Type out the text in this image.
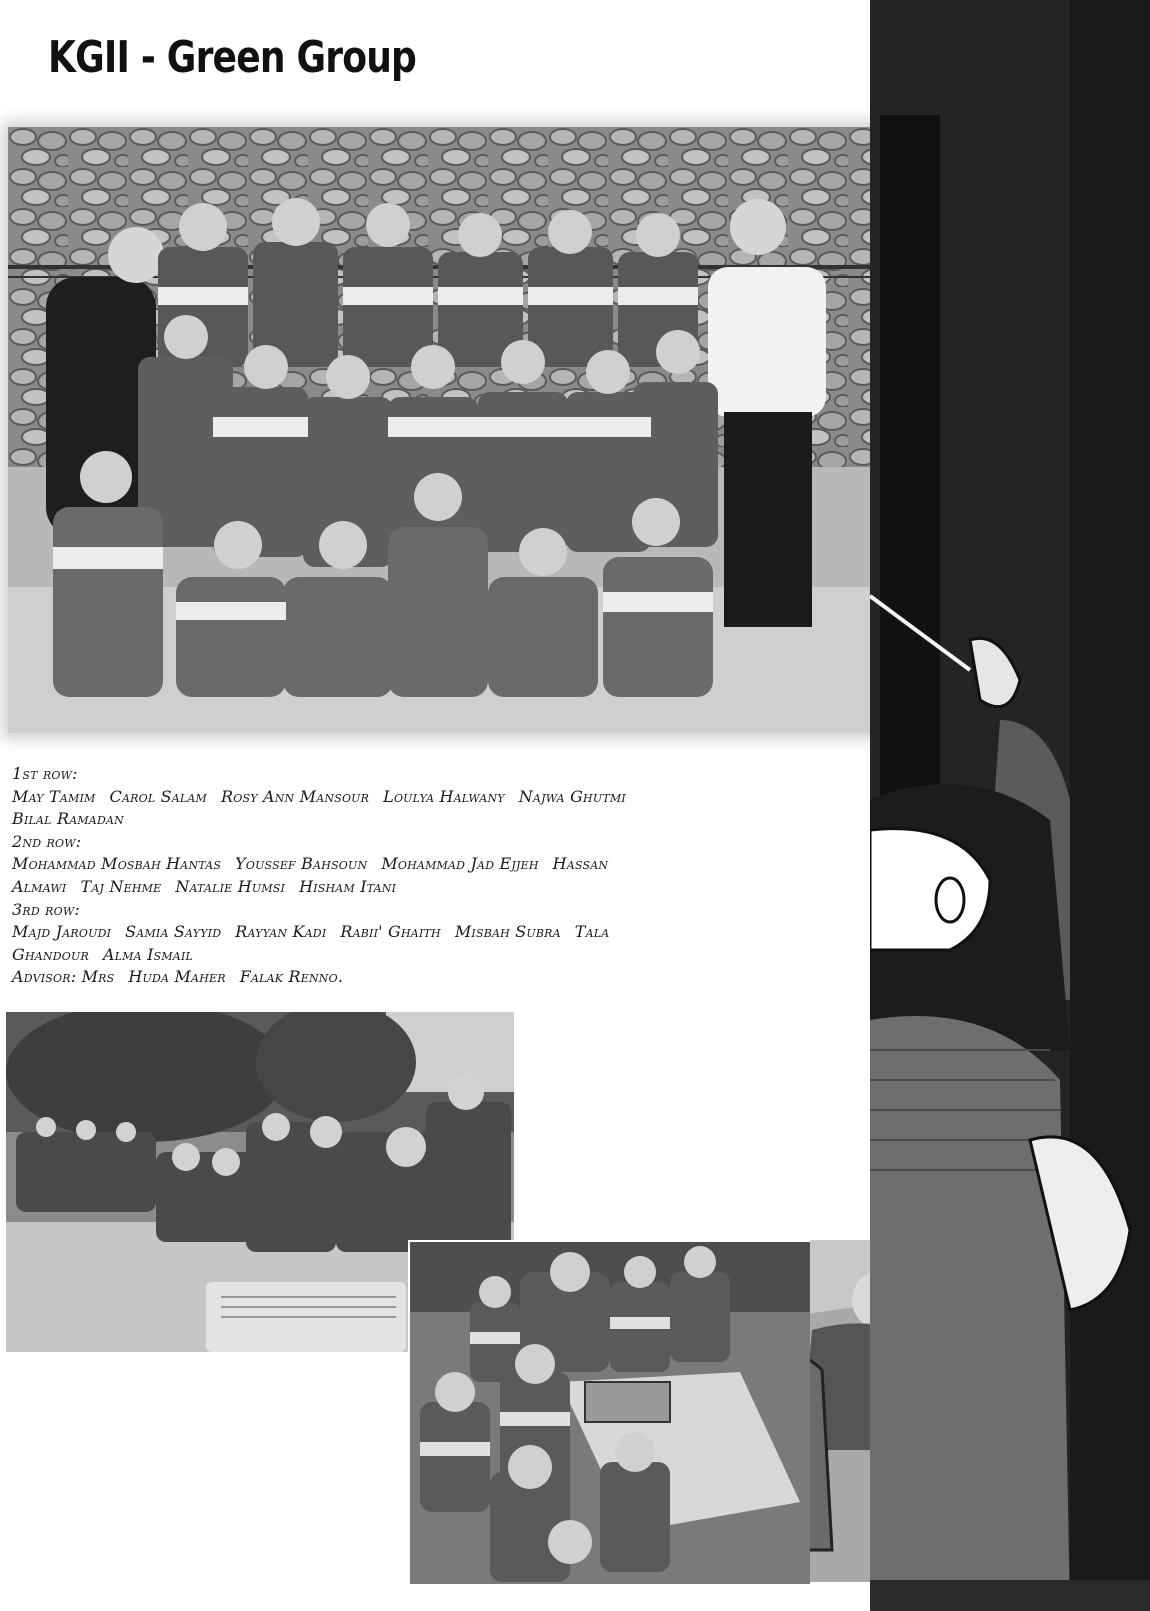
KGII - Green Group
1st row:
May Tamim Carol Salam Rosy Ann Mansour Loulya Halwany Najwa Ghutmi
Bilal Ramadan
2nd row:
Mohammad Mosbah Hantas Youssef Bahsoun Mohammad Jad Ejjeh Hassan
Almawi Taj Nehme Natalie Humsi Hisham Itani
3rd row:
Majd Jaroudi Samia Sayyid Rayyan Kadi Rabii' Ghaith Misbah Subra Tala
Ghandour Alma Ismail
Advisor: Mrs Huda Maher Falak Renno.
